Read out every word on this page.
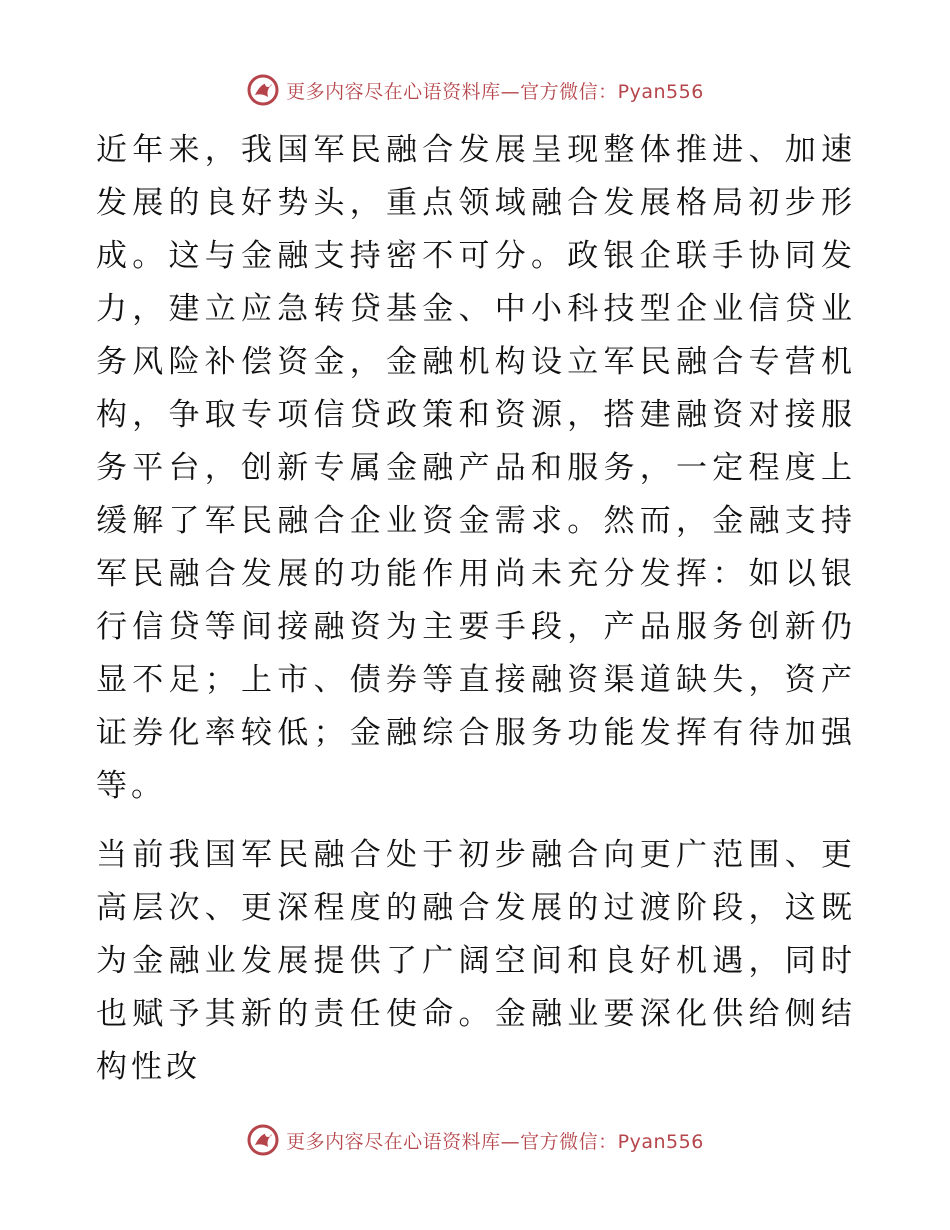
更多内容尽在心语资料库—官方微信：Pyan556

近年来，我国军民融合发展呈现整体推进、加速发展的良好势头，重点领域融合发展格局初步形成。这与金融支持密不可分。政银企联手协同发力，建立应急转贷基金、中小科技型企业信贷业务风险补偿资金，金融机构设立军民融合专营机构，争取专项信贷政策和资源，搭建融资对接服务平台，创新专属金融产品和服务，一定程度上缓解了军民融合企业资金需求。然而，金融支持军民融合发展的功能作用尚未充分发挥：如以银行信贷等间接融资为主要手段，产品服务创新仍显不足；上市、债券等直接融资渠道缺失，资产证券化率较低；金融综合服务功能发挥有待加强等。

当前我国军民融合处于初步融合向更广范围、更高层次、更深程度的融合发展的过渡阶段，这既为金融业发展提供了广阔空间和良好机遇，同时也赋予其新的责任使命。金融业要深化供给侧结构性改

更多内容尽在心语资料库—官方微信：Pyan556
